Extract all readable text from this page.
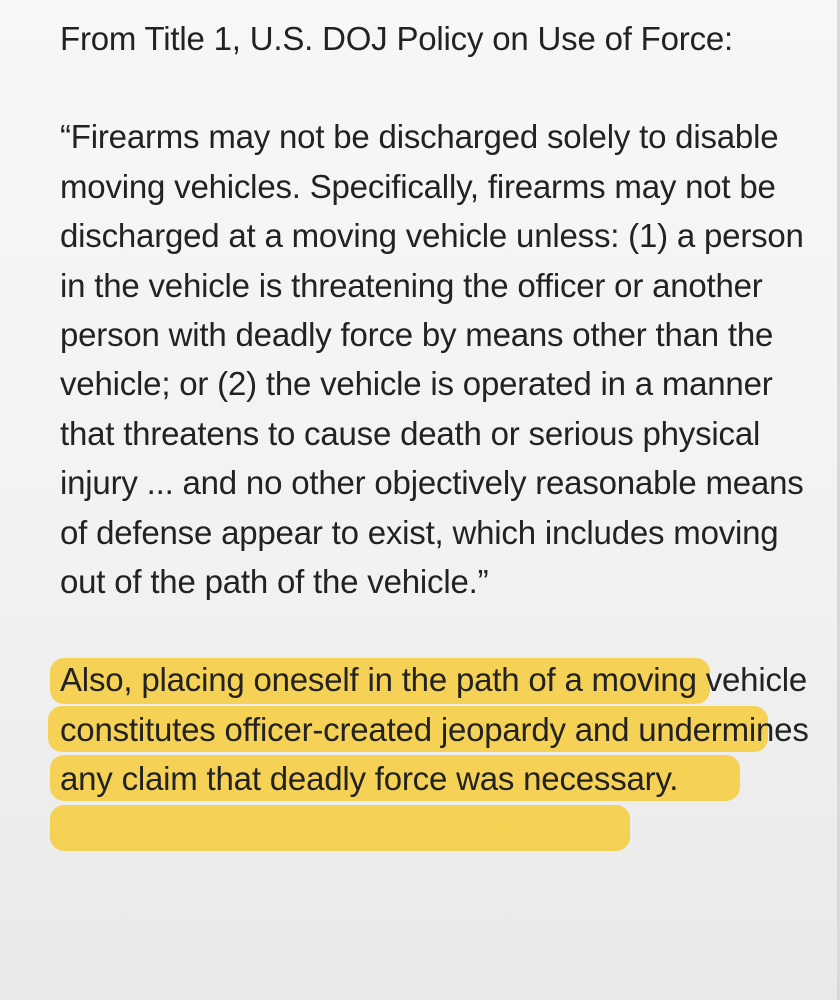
From Title 1, U.S. DOJ Policy on Use of Force:

“Firearms may not be discharged solely to disable moving vehicles. Specifically, firearms may not be discharged at a moving vehicle unless: (1) a person in the vehicle is threatening the officer or another person with deadly force by means other than the vehicle; or (2) the vehicle is operated in a manner that threatens to cause death or serious physical injury ... and no other objectively reasonable means of defense appear to exist, which includes moving out of the path of the vehicle.”

Also, placing oneself in the path of a moving vehicle constitutes officer-created jeopardy and undermines any claim that deadly force was necessary.
